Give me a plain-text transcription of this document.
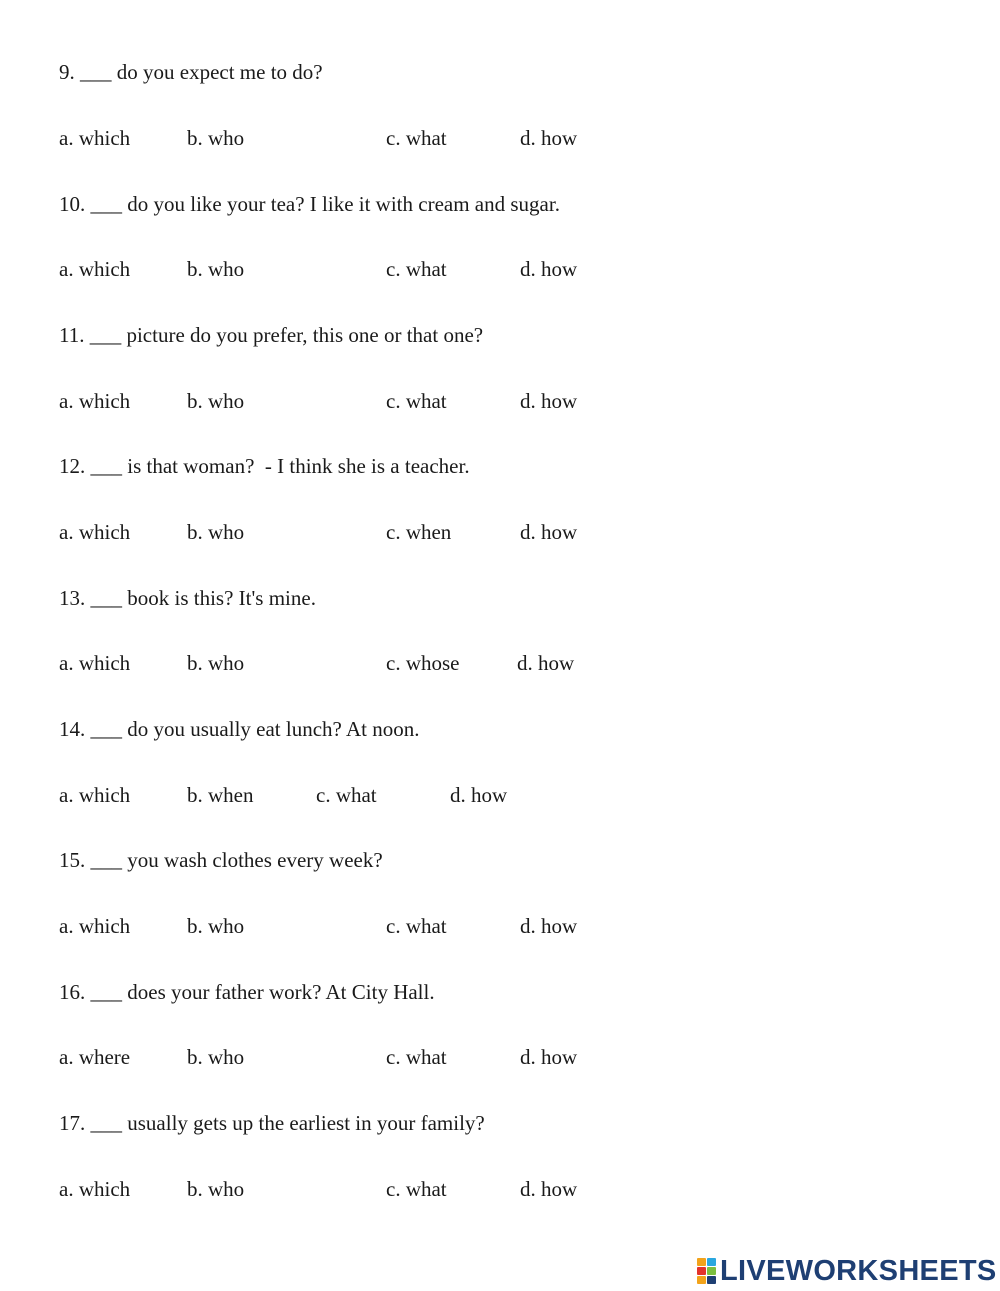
9. ___ do you expect me to do?
a. which	b. who	c. what	d. how
10. ___ do you like your tea? I like it with cream and sugar.
a. which	b. who	c. what	d. how
11. ___ picture do you prefer, this one or that one?
a. which	b. who	c. what	d. how
12. ___ is that woman?  - I think she is a teacher.
a. which	b. who	c. when	d. how
13. ___ book is this? It's mine.
a. which	b. who	c. whose	d. how
14. ___ do you usually eat lunch? At noon.
a. which	b. when	c. what	d. how
15. ___ you wash clothes every week?
a. which	b. who	c. what	d. how
16. ___ does your father work? At City Hall.
a. where	b. who	c. what	d. how
17. ___ usually gets up the earliest in your family?
a. which	b. who	c. what	d. how
LIVEWORKSHEETS
